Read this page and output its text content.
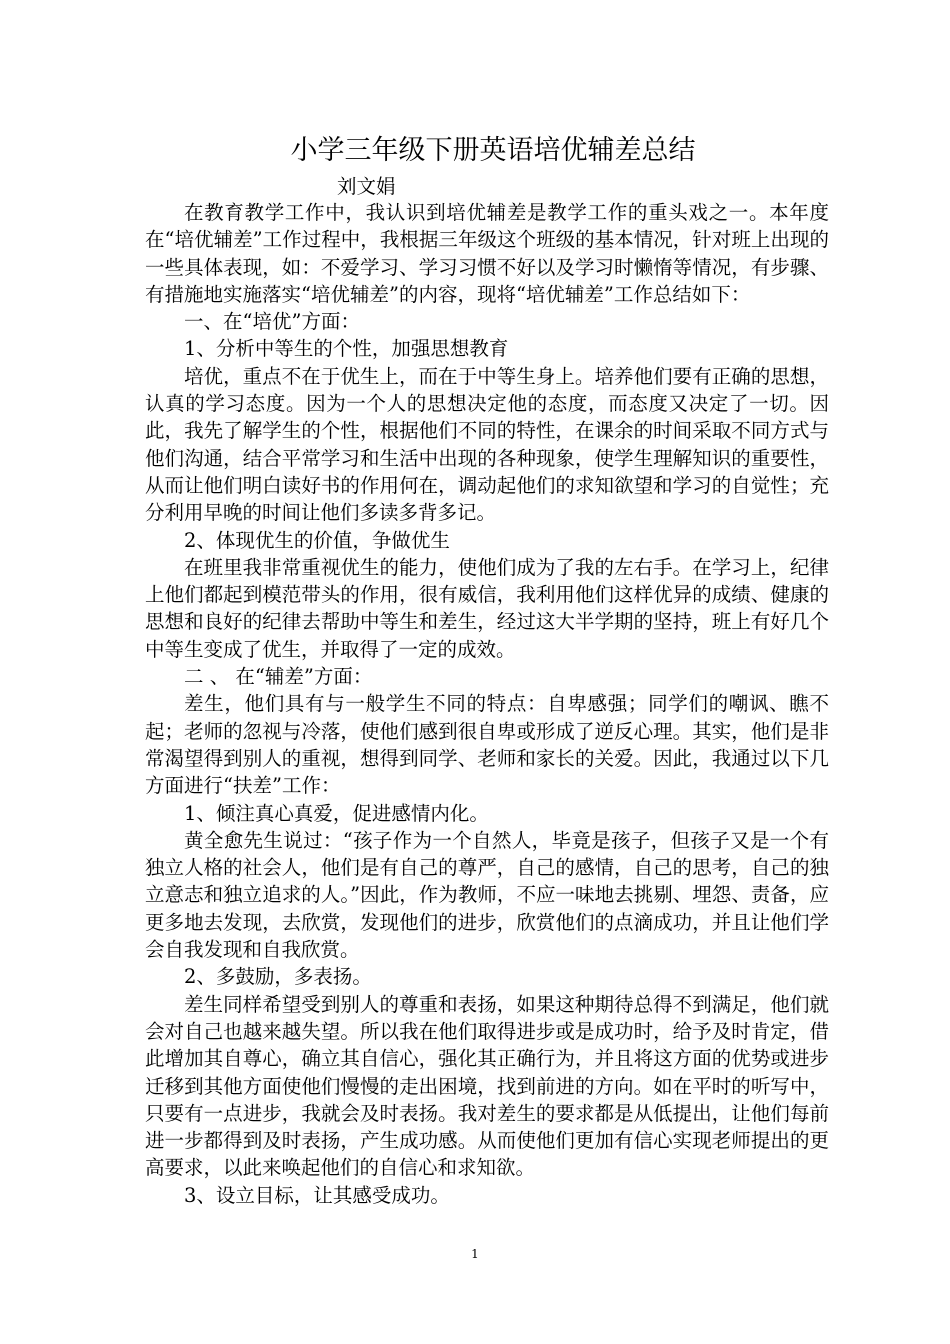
小学三年级下册英语培优辅差总结
刘文娟

在教育教学工作中，我认识到培优辅差是教学工作的重头戏之一。本年度在“培优辅差”工作过程中，我根据三年级这个班级的基本情况，针对班上出现的一些具体表现，如：不爱学习、学习习惯不好以及学习时懒惰等情况，有步骤、有措施地实施落实“培优辅差”的内容，现将“培优辅差”工作总结如下：

一、在“培优”方面：

1、分析中等生的个性，加强思想教育

培优，重点不在于优生上，而在于中等生身上。培养他们要有正确的思想，认真的学习态度。因为一个人的思想决定他的态度，而态度又决定了一切。因此，我先了解学生的个性，根据他们不同的特性，在课余的时间采取不同方式与他们沟通，结合平常学习和生活中出现的各种现象，使学生理解知识的重要性，从而让他们明白读好书的作用何在，调动起他们的求知欲望和学习的自觉性；充分利用早晚的时间让他们多读多背多记。

2、体现优生的价值，争做优生

在班里我非常重视优生的能力，使他们成为了我的左右手。在学习上，纪律上他们都起到模范带头的作用，很有威信，我利用他们这样优异的成绩、健康的思想和良好的纪律去帮助中等生和差生，经过这大半学期的坚持，班上有好几个中等生变成了优生，并取得了一定的成效。

二 、 在“辅差”方面：

差生，他们具有与一般学生不同的特点：自卑感强；同学们的嘲讽、瞧不起；老师的忽视与冷落，使他们感到很自卑或形成了逆反心理。其实，他们是非常渴望得到别人的重视，想得到同学、老师和家长的关爱。因此，我通过以下几方面进行“扶差”工作：

1、倾注真心真爱，促进感情内化。

黄全愈先生说过：“孩子作为一个自然人，毕竟是孩子，但孩子又是一个有独立人格的社会人，他们是有自己的尊严，自己的感情，自己的思考，自己的独立意志和独立追求的人。”因此，作为教师，不应一味地去挑剔、埋怨、责备，应更多地去发现，去欣赏，发现他们的进步，欣赏他们的点滴成功，并且让他们学会自我发现和自我欣赏。

2、多鼓励，多表扬。

差生同样希望受到别人的尊重和表扬，如果这种期待总得不到满足，他们就会对自己也越来越失望。所以我在他们取得进步或是成功时，给予及时肯定，借此增加其自尊心，确立其自信心，强化其正确行为，并且将这方面的优势或进步迁移到其他方面使他们慢慢的走出困境，找到前进的方向。如在平时的听写中，只要有一点进步，我就会及时表扬。我对差生的要求都是从低提出，让他们每前进一步都得到及时表扬，产生成功感。从而使他们更加有信心实现老师提出的更高要求，以此来唤起他们的自信心和求知欲。

3、设立目标，让其感受成功。

1
